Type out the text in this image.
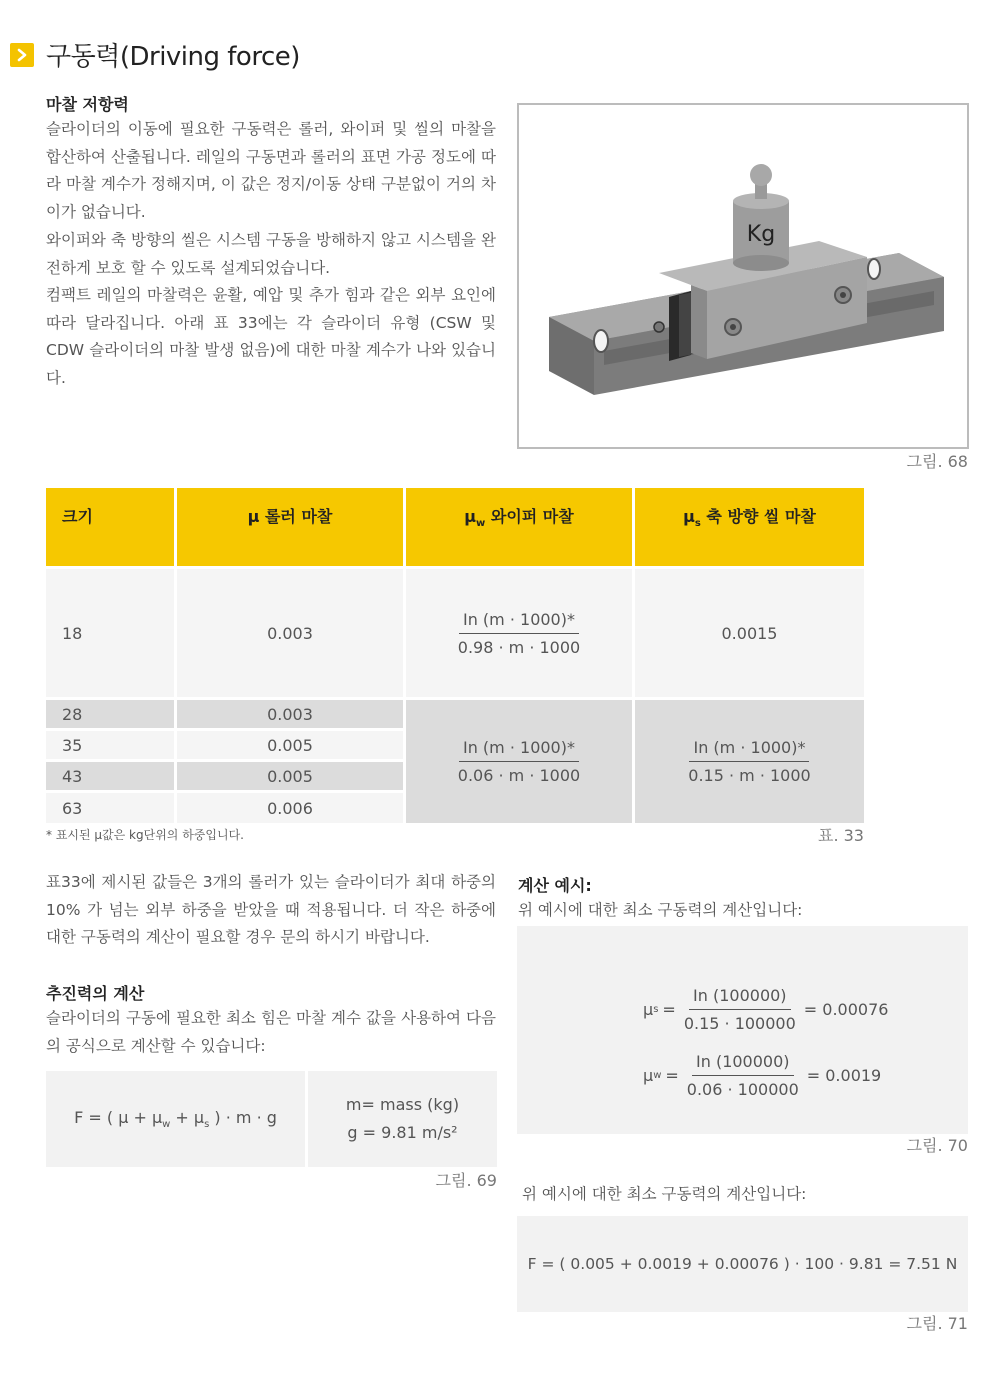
구동력(Driving force)
마찰 저항력

슬라이더의 이동에 필요한 구동력은 롤러, 와이퍼 및 씰의 마찰을 합산하여 산출됩니다. 레일의 구동면과 롤러의 표면 가공 정도에 따라 마찰 계수가 정해지며, 이 값은 정지/이동 상태 구분없이 거의 차이가 없습니다.

와이퍼와 축 방향의 씰은 시스템 구동을 방해하지 않고 시스템을 완전하게 보호 할 수 있도록 설계되었습니다.

컴팩트 레일의 마찰력은 윤활, 예압 및 추가 힘과 같은 외부 요인에 따라 달라집니다. 아래 표 33에는 각 슬라이더 유형 (CSW 및 CDW 슬라이더의 마찰 발생 없음)에 대한 마찰 계수가 나와 있습니다.

Kg
그림. 68
크기	μ 롤러 마찰	$\mu_w$ 와이퍼 마찰	$\mu_s$ 축 방향 씰 마찰
18	0.003	$\frac{In (m \cdot 1000)*}{0.98 \cdot m \cdot 1000}$	0.0015
28	0.003
35	0.005
43	0.005
63	0.006
$\frac{In (m \cdot 1000)*}{0.06 \cdot m \cdot 1000}$	$\frac{In (m \cdot 1000)*}{0.15 \cdot m \cdot 1000}$
* 표시된 μ값은 kg단위의 하중입니다.	표. 33

표33에 제시된 값들은 3개의 롤러가 있는 슬라이더가 최대 하중의 10% 가 넘는 외부 하중을 받았을 때 적용됩니다. 더 작은 하중에 대한 구동력의 계산이 필요할 경우 문의 하시기 바랍니다.

추진력의 계산

슬라이더의 구동에 필요한 최소 힘은 마찰 계수 값을 사용하여 다음의 공식으로 계산할 수 있습니다:

F = ( $\mu + \mu_w + \mu_s$ ) · m · g
m= mass (kg)
g = 9.81 m/s²
그림. 69
계산 예시:

위 예시에 대한 최소 구동력의 계산입니다:

μ $s = \frac{In (100000)}{0.15 \cdot 100000} = 0.00076$
μ $w = \frac{In (100000)}{0.06 \cdot 100000} = 0.0019$
그림. 70

위 예시에 대한 최소 구동력의 계산입니다:

F = ( 0.005 + 0.0019 + 0.00076 ) · 100 · 9.81 = 7.51 N
그림. 71
